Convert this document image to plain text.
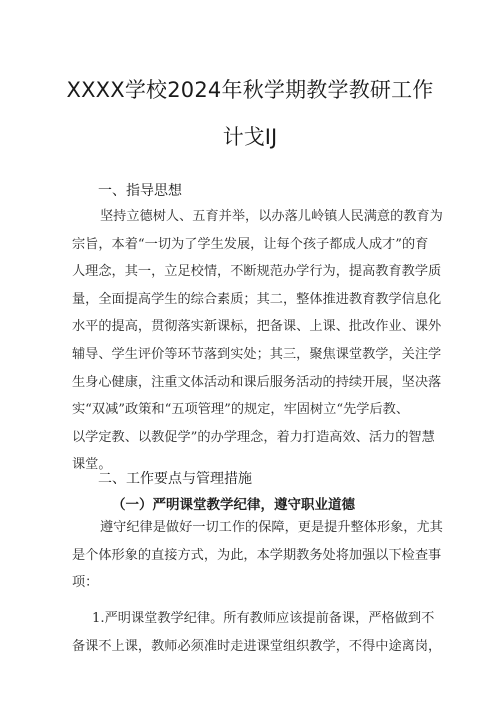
XXXX学校2024年秋学期教学教研工作
计戈IJ
一、指导思想
坚持立德树人、五育并举，以办落儿岭镇人民满意的教育为
宗旨，本着“一切为了学生发展，让每个孩子都成人成才”的育
人理念，其一，立足校情，不断规范办学行为，提高教育教学质
量，全面提高学生的综合素质；其二，整体推进教育教学信息化
水平的提高，贯彻落实新课标，把备课、上课、批改作业、课外
辅导、学生评价等环节落到实处；其三，聚焦课堂教学，关注学
生身心健康，注重文体活动和课后服务活动的持续开展，坚决落
实“双减”政策和“五项管理”的规定，牢固树立“先学后教、
以学定教、以教促学”的办学理念，着力打造高效、活力的智慧
课堂。
二、工作要点与管理措施
（一）严明课堂教学纪律，遵守职业道德
遵守纪律是做好一切工作的保障，更是提升整体形象，尤其
是个体形象的直接方式，为此，本学期教务处将加强以下检查事
项：
1.严明课堂教学纪律。所有教师应该提前备课，严格做到不
备课不上课，教师必须准时走进课堂组织教学，不得中途离岗，
